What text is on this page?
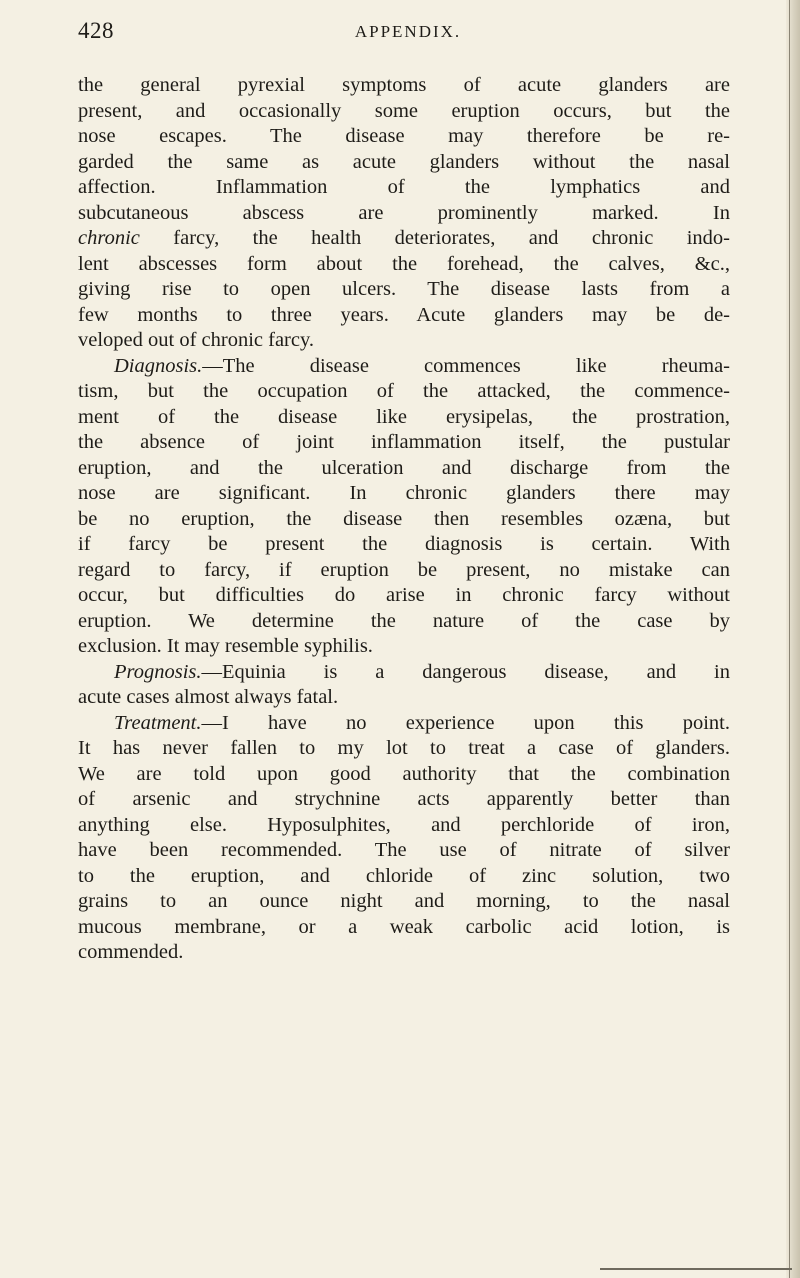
428	APPENDIX.
the general pyrexial symptoms of acute glanders are
present, and occasionally some eruption occurs, but the
nose escapes. The disease may therefore be re-
garded the same as acute glanders without the nasal
affection. Inflammation of the lymphatics and
subcutaneous abscess are prominently marked. In
chronic farcy, the health deteriorates, and chronic indo-
lent abscesses form about the forehead, the calves, &c.,
giving rise to open ulcers. The disease lasts from a
few months to three years. Acute glanders may be de-
veloped out of chronic farcy.
Diagnosis.—The disease commences like rheuma-
tism, but the occupation of the attacked, the commence-
ment of the disease like erysipelas, the prostration,
the absence of joint inflammation itself, the pustular
eruption, and the ulceration and discharge from the
nose are significant. In chronic glanders there may
be no eruption, the disease then resembles ozæna, but
if farcy be present the diagnosis is certain. With
regard to farcy, if eruption be present, no mistake can
occur, but difficulties do arise in chronic farcy without
eruption. We determine the nature of the case by
exclusion. It may resemble syphilis.
Prognosis.—Equinia is a dangerous disease, and in
acute cases almost always fatal.
Treatment.—I have no experience upon this point.
It has never fallen to my lot to treat a case of glanders.
We are told upon good authority that the combination
of arsenic and strychnine acts apparently better than
anything else. Hyposulphites, and perchloride of iron,
have been recommended. The use of nitrate of silver
to the eruption, and chloride of zinc solution, two
grains to an ounce night and morning, to the nasal
mucous membrane, or a weak carbolic acid lotion, is
commended.
